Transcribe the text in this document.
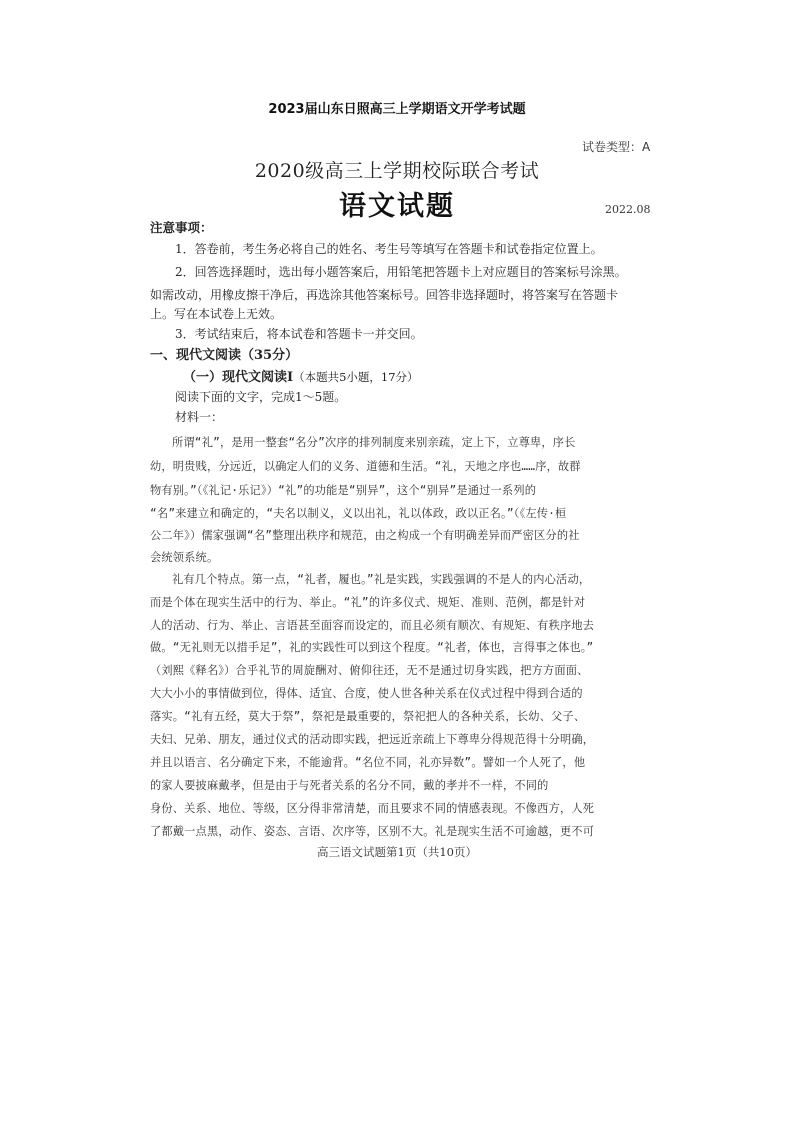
2023届山东日照高三上学期语文开学考试题
试卷类型：A
2020级高三上学期校际联合考试
语文试题	2022.08
注意事项：
1．答卷前，考生务必将自己的姓名、考生号等填写在答题卡和试卷指定位置上。
2．回答选择题时，选出每小题答案后，用铅笔把答题卡上对应题目的答案标号涂黑。
如需改动，用橡皮擦干净后，再选涂其他答案标号。回答非选择题时，将答案写在答题卡
上。写在本试卷上无效。
3．考试结束后，将本试卷和答题卡一并交回。
一、现代文阅读（35分）
（一）现代文阅读Ⅰ（本题共5小题，17分）
阅读下面的文字，完成1～5题。
材料一：
所谓“礼”，是用一整套“名分”次序的排列制度来别亲疏，定上下，立尊卑，序长
幼，明贵贱，分远近，以确定人们的义务、道德和生活。“礼，天地之序也……序，故群
物有别。”（《礼记·乐记》）“礼”的功能是“别异”，这个“别异”是通过一系列的
“名”来建立和确定的，“夫名以制义，义以出礼，礼以体政，政以正名。”（《左传·桓
公二年》）儒家强调“名”整理出秩序和规范，由之构成一个有明确差异而严密区分的社
会统领系统。
礼有几个特点。第一点，“礼者，履也。”礼是实践，实践强调的不是人的内心活动，
而是个体在现实生活中的行为、举止。“礼”的许多仪式、规矩、准则、范例，都是针对
人的活动、行为、举止、言语甚至面容而设定的，而且必须有顺次、有规矩、有秩序地去
做。“无礼则无以措手足”，礼的实践性可以到这个程度。“礼者，体也，言得事之体也。”
（刘熙《释名》）合乎礼节的周旋酬对、俯仰往还，无不是通过切身实践，把方方面面、
大大小小的事情做到位，得体、适宜、合度，使人世各种关系在仪式过程中得到合适的
落实。“礼有五经，莫大于祭”，祭祀是最重要的，祭祀把人的各种关系，长幼、父子、
夫妇、兄弟、朋友，通过仪式的活动即实践，把远近亲疏上下尊卑分得规范得十分明确，
并且以语言、名分确定下来，不能逾背。“名位不同，礼亦异数”。譬如一个人死了，他
的家人要披麻戴孝，但是由于与死者关系的名分不同，戴的孝并不一样，不同的
身份、关系、地位、等级，区分得非常清楚，而且要求不同的情感表现。不像西方，人死
了都戴一点黑，动作、姿态、言语、次序等，区别不大。礼是现实生活不可逾越，更不可
高三语文试题第1页（共10页）
